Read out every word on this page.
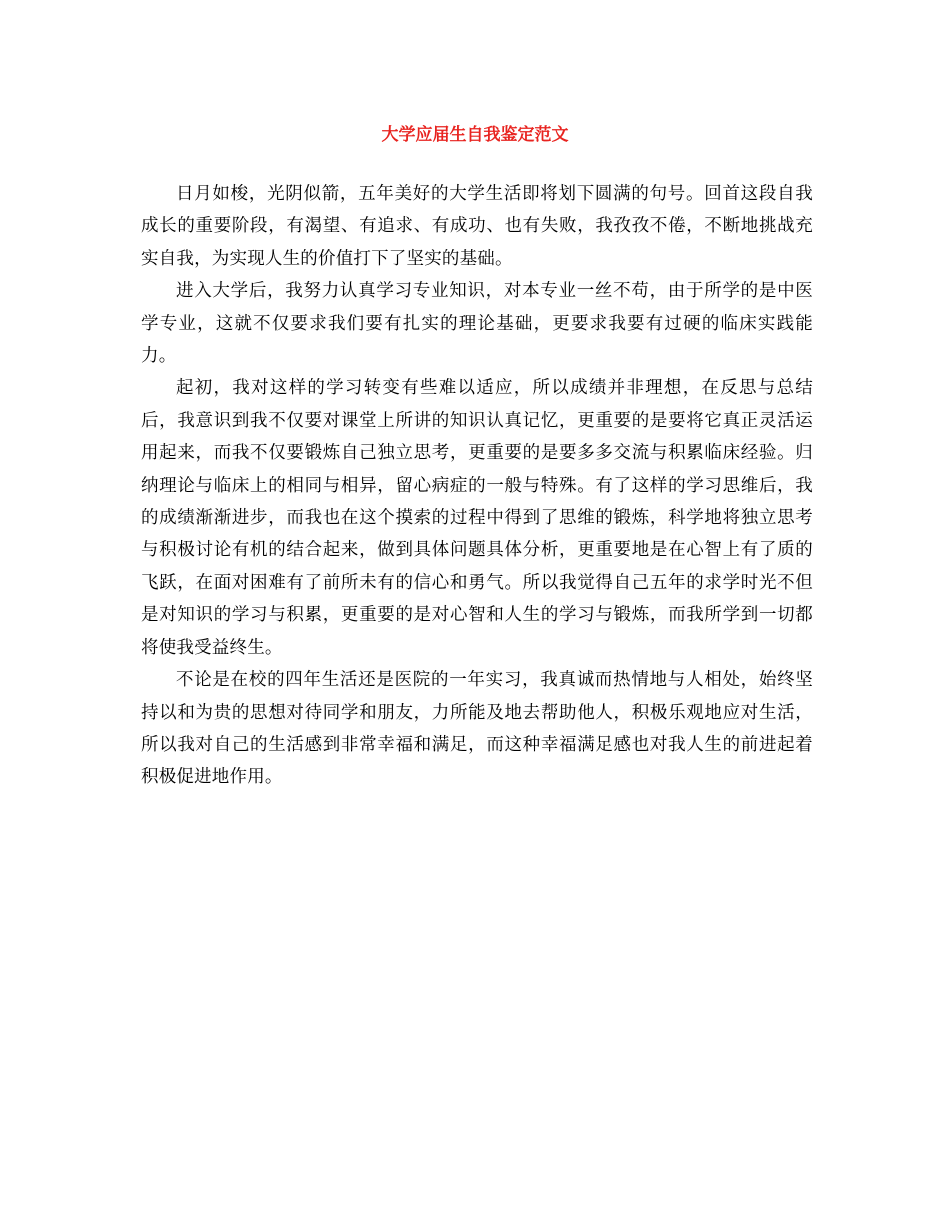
大学应届生自我鉴定范文

日月如梭，光阴似箭，五年美好的大学生活即将划下圆满的句号。回首这段自我成长的重要阶段，有渴望、有追求、有成功、也有失败，我孜孜不倦，不断地挑战充实自我，为实现人生的价值打下了坚实的基础。

进入大学后，我努力认真学习专业知识，对本专业一丝不苟，由于所学的是中医学专业，这就不仅要求我们要有扎实的理论基础，更要求我要有过硬的临床实践能力。

起初，我对这样的学习转变有些难以适应，所以成绩并非理想，在反思与总结后，我意识到我不仅要对课堂上所讲的知识认真记忆，更重要的是要将它真正灵活运用起来，而我不仅要锻炼自己独立思考，更重要的是要多多交流与积累临床经验。归纳理论与临床上的相同与相异，留心病症的一般与特殊。有了这样的学习思维后，我的成绩渐渐进步，而我也在这个摸索的过程中得到了思维的锻炼，科学地将独立思考与积极讨论有机的结合起来，做到具体问题具体分析，更重要地是在心智上有了质的飞跃，在面对困难有了前所未有的信心和勇气。所以我觉得自己五年的求学时光不但是对知识的学习与积累，更重要的是对心智和人生的学习与锻炼，而我所学到一切都将使我受益终生。

不论是在校的四年生活还是医院的一年实习，我真诚而热情地与人相处，始终坚持以和为贵的思想对待同学和朋友，力所能及地去帮助他人，积极乐观地应对生活，所以我对自己的生活感到非常幸福和满足，而这种幸福满足感也对我人生的前进起着积极促进地作用。
